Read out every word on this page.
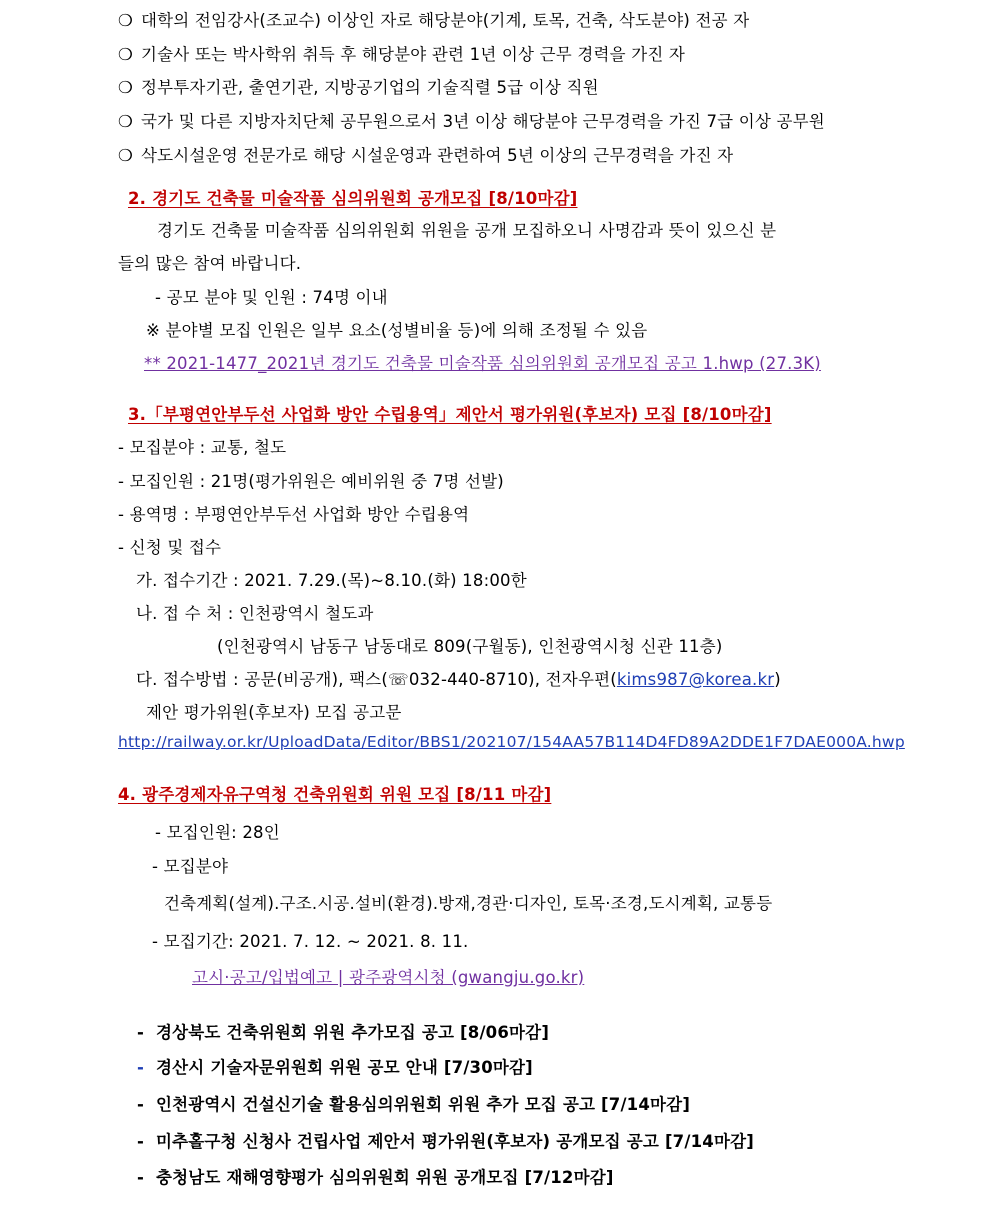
❍ 대학의 전임강사(조교수) 이상인 자로 해당분야(기계, 토목, 건축, 삭도분야) 전공 자
❍ 기술사 또는 박사학위 취득 후 해당분야 관련 1년 이상 근무 경력을 가진 자
❍ 정부투자기관, 출연기관, 지방공기업의 기술직렬 5급 이상 직원
❍ 국가 및 다른 지방자치단체 공무원으로서 3년 이상 해당분야 근무경력을 가진 7급 이상 공무원
❍ 삭도시설운영 전문가로 해당 시설운영과 관련하여 5년 이상의 근무경력을 가진 자
2. 경기도 건축물 미술작품 심의위원회 공개모집 [8/10마감]
경기도 건축물 미술작품 심의위원회 위원을 공개 모집하오니 사명감과 뜻이 있으신 분
들의 많은 참여 바랍니다.
- 공모 분야 및 인원 : 74명 이내
※ 분야별 모집 인원은 일부 요소(성별비율 등)에 의해 조정될 수 있음
** 2021-1477_2021년 경기도 건축물 미술작품 심의위원회 공개모집 공고 1.hwp (27.3K)
3.「부평연안부두선 사업화 방안 수립용역」제안서 평가위원(후보자) 모집 [8/10마감]
- 모집분야 : 교통, 철도
- 모집인원 : 21명(평가위원은 예비위원 중 7명 선발)
- 용역명 : 부평연안부두선 사업화 방안 수립용역
- 신청 및 접수
가. 접수기간 : 2021. 7.29.(목)~8.10.(화) 18:00한
나. 접 수 처 : 인천광역시 철도과
(인천광역시 남동구 남동대로 809(구월동), 인천광역시청 신관 11층)
다. 접수방법 : 공문(비공개), 팩스(☏032-440-8710), 전자우편(kims987@korea.kr)
제안 평가위원(후보자) 모집 공고문
http://railway.or.kr/UploadData/Editor/BBS1/202107/154AA57B114D4FD89A2DDE1F7DAE000A.hwp
4. 광주경제자유구역청 건축위원회 위원 모집 [8/11 마감]
- 모집인원: 28인
- 모집분야
건축계획(설계).구조.시공.설비(환경).방재,경관·디자인, 토목·조경,도시계획, 교통등
- 모집기간: 2021. 7. 12. ~ 2021. 8. 11.
고시·공고/입법예고 | 광주광역시청 (gwangju.go.kr)
- 경상북도 건축위원회 위원 추가모집 공고 [8/06마감]
- 경산시 기술자문위원회 위원 공모 안내 [7/30마감]
- 인천광역시 건설신기술 활용심의위원회 위원 추가 모집 공고 [7/14마감]
- 미추홀구청 신청사 건립사업 제안서 평가위원(후보자) 공개모집 공고 [7/14마감]
- 충청남도 재해영향평가 심의위원회 위원 공개모집 [7/12마감]
